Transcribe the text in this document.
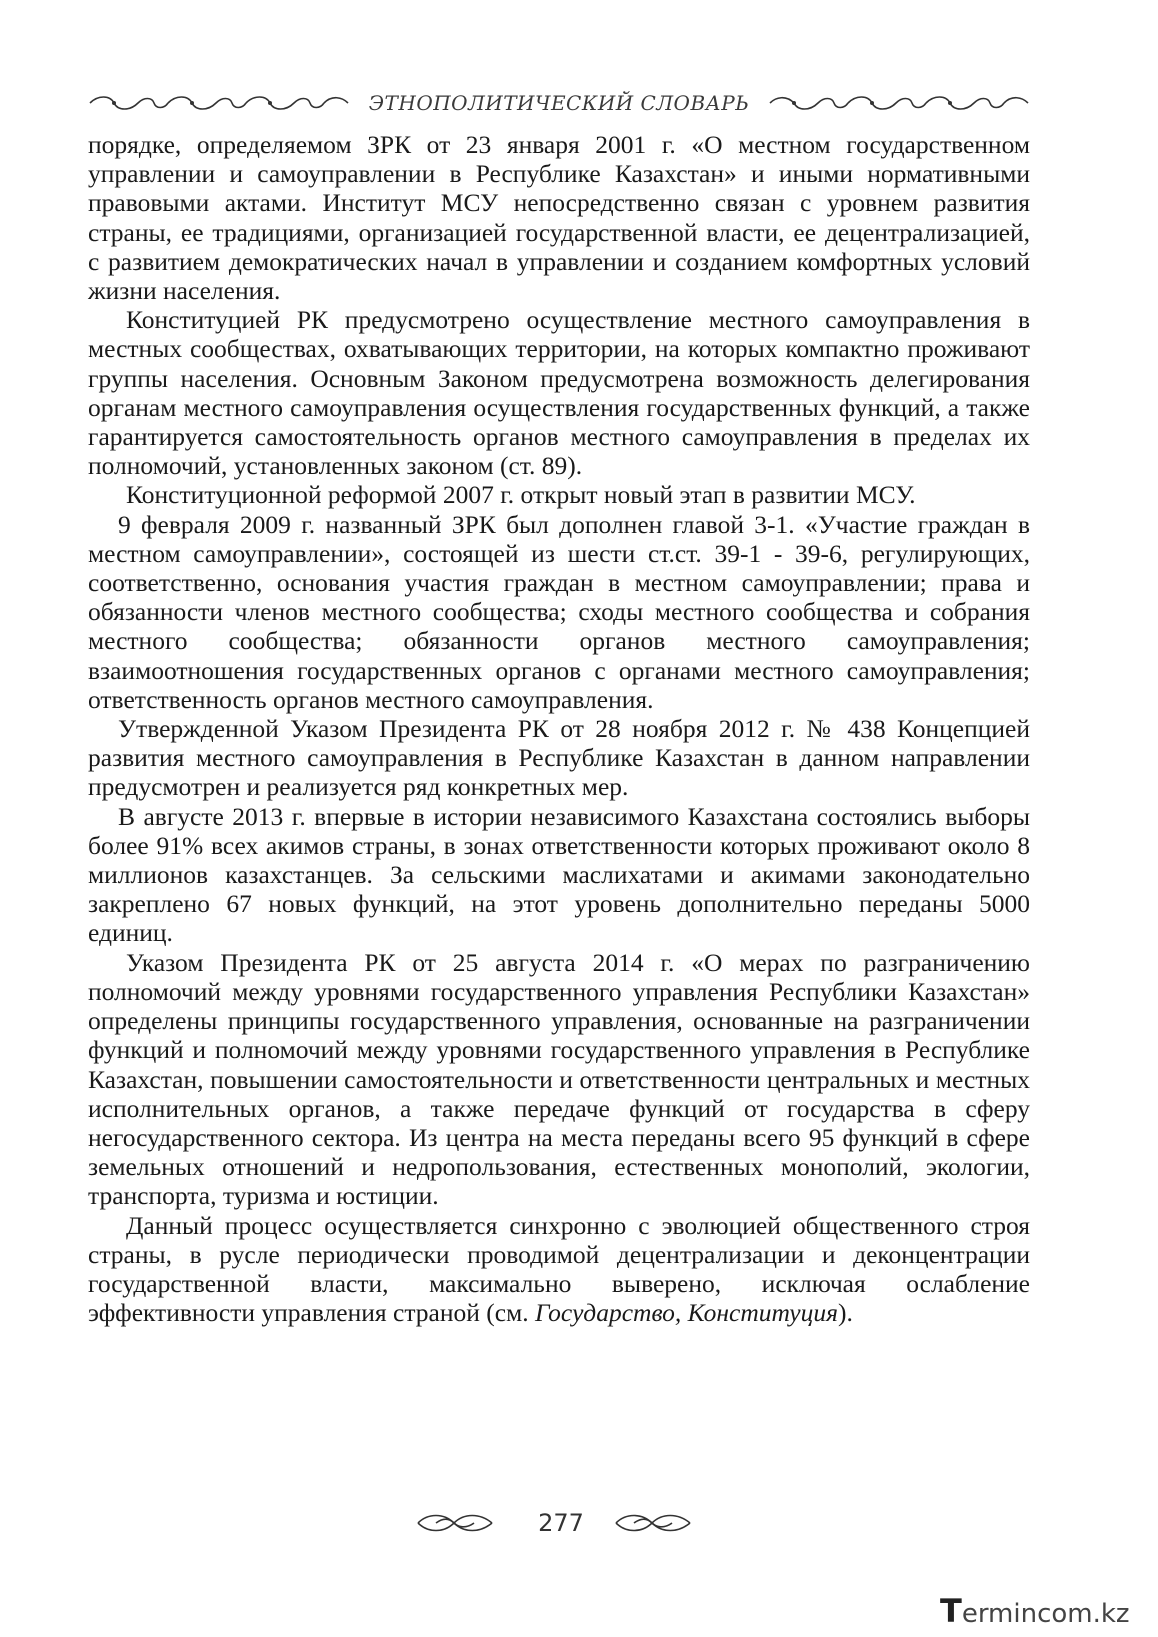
ЭТНОПОЛИТИЧЕСКИЙ СЛОВАРЬ

порядке, определяемом ЗРК от 23 января 2001 г. «О местном государственном управлении и самоуправлении в Республике Казахстан» и иными нормативными правовыми актами. Институт МСУ непосредственно связан с уровнем развития страны, ее традициями, организацией государственной власти, ее децентрализацией, с развитием демократических начал в управлении и созданием комфортных условий жизни населения.

Конституцией РК предусмотрено осуществление местного самоуправления в местных сообществах, охватывающих территории, на которых компактно проживают группы населения. Основным Законом предусмотрена возможность делегирования органам местного самоуправления осуществления государственных функций, а также гарантируется самостоятельность органов местного самоуправления в пределах их полномочий, установленных законом (ст. 89).

Конституционной реформой 2007 г. открыт новый этап в развитии МСУ.

9 февраля 2009 г. названный ЗРК был дополнен главой 3-1. «Участие граждан в местном самоуправлении», состоящей из шести ст.ст. 39-1 - 39-6, регулирующих, соответственно, основания участия граждан в местном самоуправлении; права и обязанности членов местного сообщества; сходы местного сообщества и собрания местного сообщества; обязанности органов местного самоуправления; взаимоотношения государственных органов с органами местного самоуправления; ответственность органов местного самоуправления.

Утвержденной Указом Президента РК от 28 ноября 2012 г. № 438 Концепцией развития местного самоуправления в Республике Казахстан в данном направлении предусмотрен и реализуется ряд конкретных мер.

В августе 2013 г. впервые в истории независимого Казахстана состоялись выборы более 91% всех акимов страны, в зонах ответственности которых проживают около 8 миллионов казахстанцев. За сельскими маслихатами и акимами законодательно закреплено 67 новых функций, на этот уровень дополнительно переданы 5000 единиц.

Указом Президента РК от 25 августа 2014 г. «О мерах по разграничению полномочий между уровнями государственного управления Республики Казахстан» определены принципы государственного управления, основанные на разграничении функций и полномочий между уровнями государственного управления в Республике Казахстан, повышении самостоятельности и ответственности центральных и местных исполнительных органов, а также передаче функций от государства в сферу негосударственного сектора. Из центра на места переданы всего 95 функций в сфере земельных отношений и недропользования, естественных монополий, экологии, транспорта, туризма и юстиции.

Данный процесс осуществляется синхронно с эволюцией общественного строя страны, в русле периодически проводимой децентрализации и деконцентрации государственной власти, максимально выверено, исключая ослабление эффективности управления страной (см. Государство, Конституция).

277
Termincom.kz
